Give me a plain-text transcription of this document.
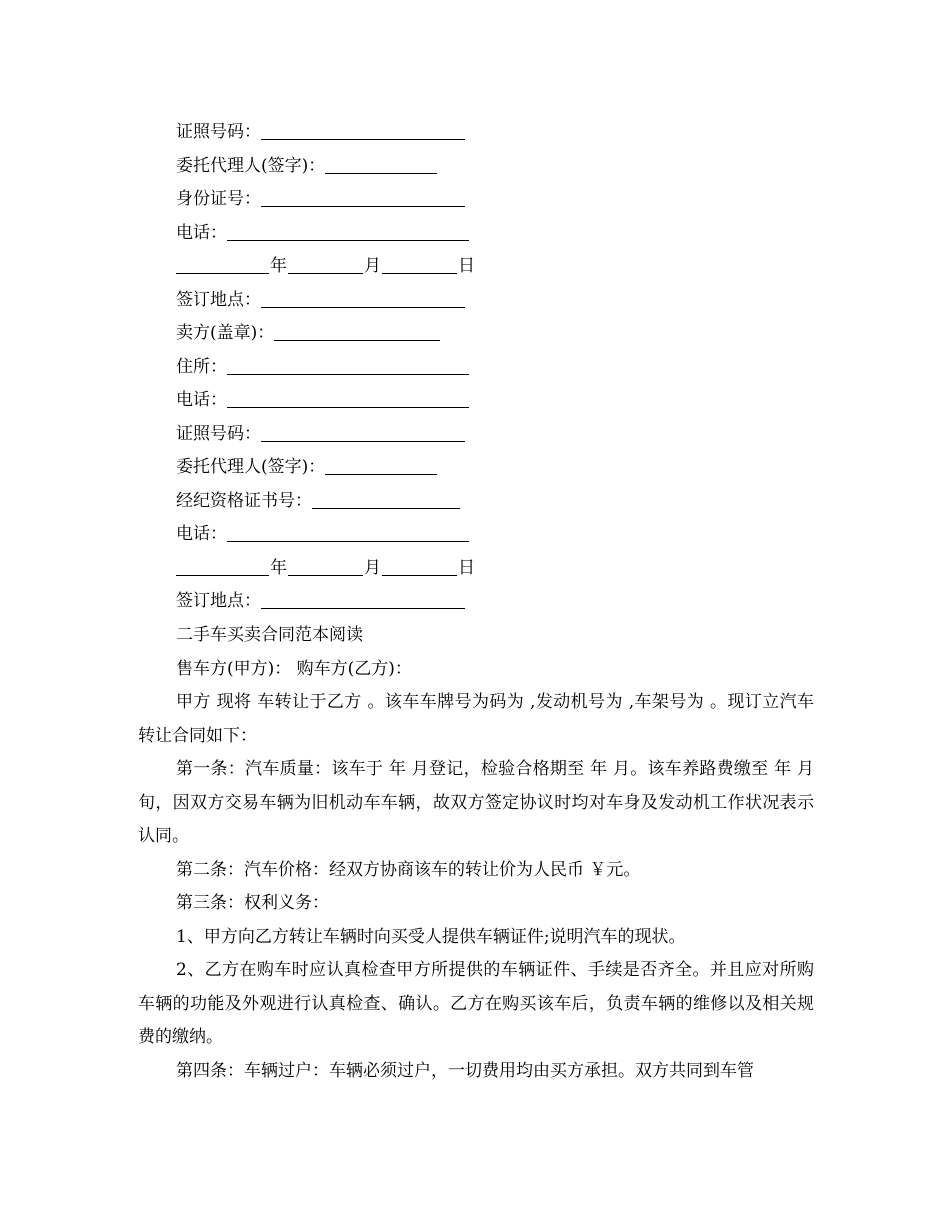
证照号码：
委托代理人(签字)：
身份证号：
电话：
年	月	日
签订地点：
卖方(盖章)：
住所：
电话：
证照号码：
委托代理人(签字)：
经纪资格证书号：
电话：
年	月	日
签订地点：
二手车买卖合同范本阅读
售车方(甲方)： 购车方(乙方)：

甲方 现将 车转让于乙方 。该车车牌号为码为 ,发动机号为 ,车架号为 。现订立汽车转让合同如下：

第一条：汽车质量：该车于 年 月登记，检验合格期至 年 月。该车养路费缴至 年 月 旬，因双方交易车辆为旧机动车车辆，故双方签定协议时均对车身及发动机工作状况表示认同。

第二条：汽车价格：经双方协商该车的转让价为人民币 ￥元。

第三条：权利义务：

1、甲方向乙方转让车辆时向买受人提供车辆证件;说明汽车的现状。

2、乙方在购车时应认真检查甲方所提供的车辆证件、手续是否齐全。并且应对所购车辆的功能及外观进行认真检查、确认。乙方在购买该车后，负责车辆的维修以及相关规费的缴纳。

第四条：车辆过户：车辆必须过户，一切费用均由买方承担。双方共同到车管
